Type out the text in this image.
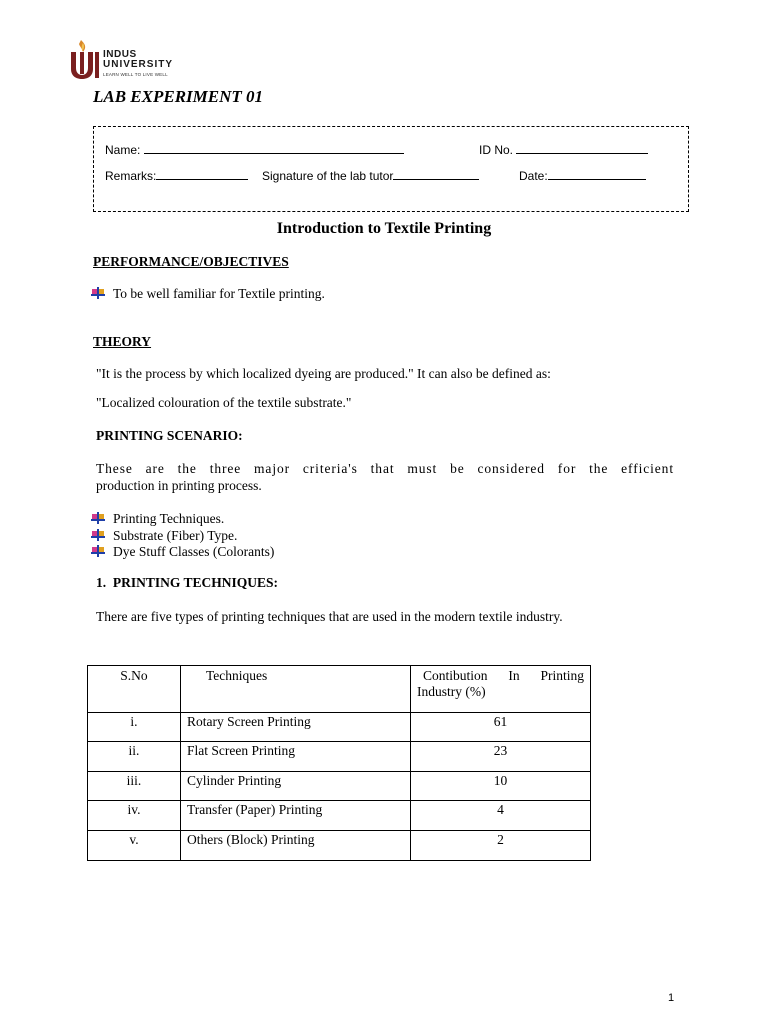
INDUS
UNIVERSITY
LEARN WELL TO LIVE WELL
LAB EXPERIMENT 01
Name:	ID No.
Remarks:	Signature of the lab tutor	Date:
Introduction to Textile Printing
PERFORMANCE/OBJECTIVES
To be well familiar for Textile printing.
THEORY
"It is the process by which localized dyeing are produced." It can also be defined as:
"Localized colouration of the textile substrate."
PRINTING SCENARIO:
These are the three major criteria's that must be considered for the efficient
production in printing process.
Printing Techniques.
Substrate (Fiber) Type.
Dye Stuff Classes (Colorants)
1. PRINTING TECHNIQUES:
There are five types of printing techniques that are used in the modern textile industry.
S.No	Techniques	Contibution In Printing
Industry (%)

i.	Rotary Screen Printing	61
ii.	Flat Screen Printing	23
iii.	Cylinder Printing	10
iv.	Transfer (Paper) Printing	4
v.	Others (Block) Printing	2
1
